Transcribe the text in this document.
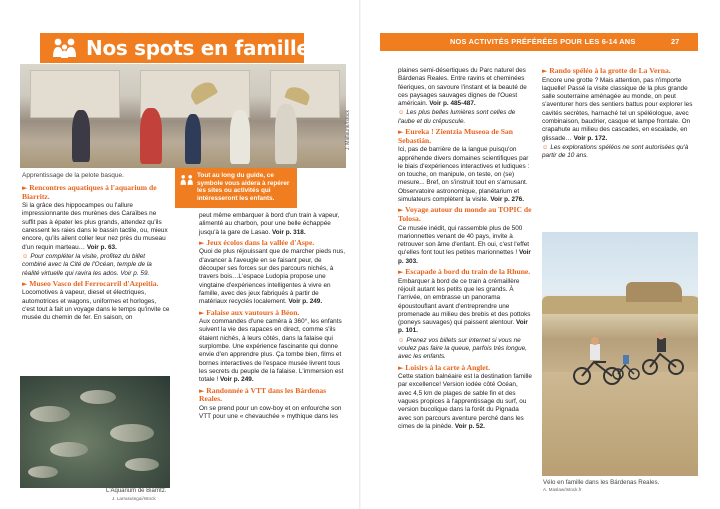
Nos spots en famille
J. Mallaurie/Istock
Apprentissage de la pelote basque.	Tout au long du guide, ce symbole vous aidera à repérer les sites ou activités qui intéresseront les enfants.

► Rencontres aquatiques à l'aquarium de Biarritz.

Si la grâce des hippocampes ou l'allure impressionnante des murènes des Caraïbes ne suffit pas à épater les plus grands, attendez qu'ils caressent les raies dans le bassin tactile, ou, mieux encore, qu'ils ailent coller leur nez près du museau d'un requin marteau… Voir p. 63.

☺ Pour compléter la visite, profitez du billet combiné avec la Cité de l'Océan, temple de la réalité virtuelle qui ravira les ados. Voir p. 59.

► Museo Vasco del Ferrocarril d'Azpeitia.

Locomotives à vapeur, diesel et électriques, automotrices et wagons, uniformes et horloges, c'est tout à fait un voyage dans le temps qu'invite ce musée du chemin de fer. En saison, on

L'Aquarium de Biarritz.
J. Larrasutegui/Istock

peut même embarquer à bord d'un train à vapeur, alimenté au charbon, pour une belle échappée jusqu'à la gare de Lasao. Voir p. 318.

► Jeux écolos dans la vallée d'Aspe.

Quoi de plus réjouissant que de marcher pieds nus, d'avancer à l'aveugle en se faisant peur, de découper ses forces sur des parcours nichés, à travers bois…L'espace Ludopia propose une vingtaine d'expériences intelligentes à vivre en famille, avec des jeux fabriqués à partir de matériaux recyclés localement. Voir p. 249.

► Falaise aux vautours à Béon.

Aux commandes d'une caméra à 360°, les enfants suivent la vie des rapaces en direct, comme s'ils étaient nichés, à leurs côtés, dans la falaise qui surplombe. Une expérience fascinante qui donne envie d'en apprendre plus. Ça tombe bien, films et bornes interactives de l'espace musée livrent tous les secrets du peuple de la falaise. L'immersion est totale ! Voir p. 249.

► Randonnée à VTT dans les Bárdenas Reales.

On se prend pour un cow-boy et on enfourche son VTT pour une « chevauchée » mythique dans les

NOS ACTIVITÉS PRÉFÉRÉES POUR LES 6-14 ANS	27

plaines semi-désertiques du Parc naturel des Bárdenas Reales. Entre ravins et cheminées féeriques, on savoure l'instant et la beauté de ces paysages sauvages dignes de l'Ouest américain. Voir p. 485-487.

☺ Les plus belles lumières sont celles de l'aube et du crépuscule.

► Eureka ! Zientzia Museoa de San Sebastián.

Ici, pas de barrière de la langue puisqu'on appréhende divers domaines scientifiques par le biais d'expériences interactives et ludiques : on touche, on manipule, on teste, on (se) mesure... Bref, on s'instruit tout en s'amusant. Observatoire astronomique, planétarium et simulateurs complètent la visite. Voir p. 276.

► Voyage autour du monde au TOPIC de Tolosa.

Ce musée inédit, qui rassemble plus de 500 marionnettes venant de 40 pays, invite à retrouver son âme d'enfant. Eh oui, c'est l'effet qu'elles font tout les petites marionnettes ! Voir p. 303.

► Escapade à bord du train de la Rhune.

Embarquer à bord de ce train à crémaillère réjouit autant les petits que les grands. À l'arrivée, on embrasse un panorama époustouflant avant d'entreprendre une promenade au milieu des brebis et des pottoks (poneys sauvages) qui paissent alentour. Voir p. 101.

☺ Prenez vos billets sur internet si vous ne voulez pas faire la queue, parfois très longue, avec les enfants.

► Loisirs à la carte à Anglet.

Cette station balnéaire est la destination famille par excellence! Version iodée côté Océan, avec 4,5 km de plages de sable fin et des vagues propices à l'apprentissage du surf, ou version bucolique dans la forêt du Pignada avec son parcours aventure perché dans les cimes de la pinède. Voir p. 52.

► Rando spéléo à la grotte de La Verna.

Encore une grotte ? Mais attention, pas n'importe laquelle! Passé la visite classique de la plus grande salle souterraine aménagée au monde, on peut s'aventurer hors des sentiers battus pour explorer les cavités secrètes, harnaché tel un spéléologue, avec combinaison, baudrier, casque et lampe frontale. On crapahute au milieu des cascades, en escalade, en glissade… Voir p. 172.

☺ Les explorations spéléos ne sont autorisées qu'à partir de 10 ans.

Vélo en famille dans les Bárdenas Reales.
A. Maslaw/Istock.fr
